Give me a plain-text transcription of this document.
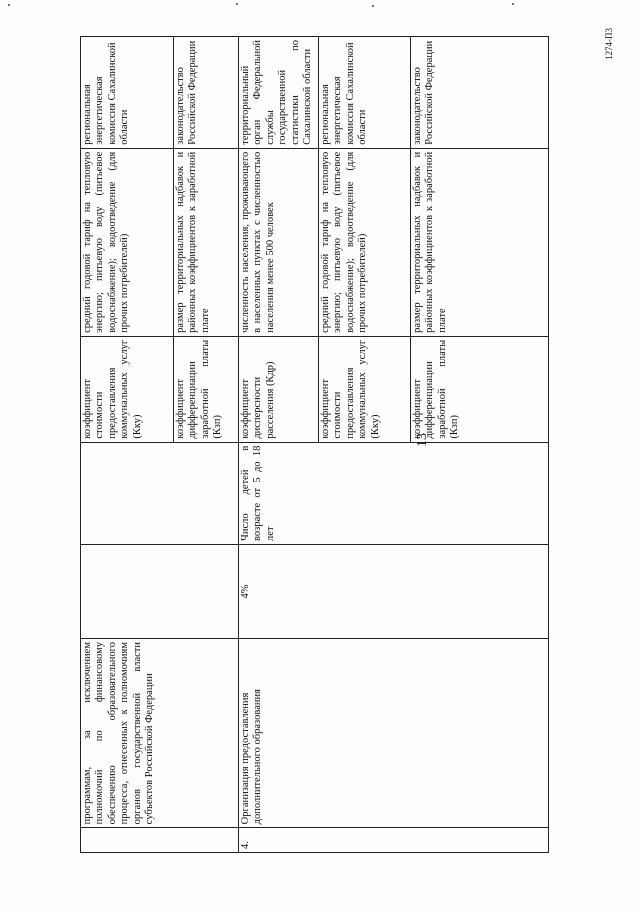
13
1274-П3
	программам, за исключением полномочий по финансовому обеспечению образовательного процесса, отнесенных к полномочиям органов государственной власти субъектов Российской Федерации			коэффициент стоимости предоставления коммунальных услуг (Кку)	средний годовой тариф на тепловую энергию; питьевую воду (питьевое водоснабжение); водоотведение (для прочих потребителей)	региональная энергетическая комиссия Сахалинской области
				коэффициент дифференциации заработной платы (Кзп)	размер территориальных надбавок и районных коэффициентов к заработной плате	законодательство Российской Федерации
4.	Организация предоставления дополнительного образования	4%	Число детей в возрасте от 5 до 18 лет	коэффициент дисперсности расселения (Кдр)	численность населения, проживающего в населенных пунктах с численностью населения менее 500 человек	территориальный орган Федеральной службы государственной статистики по Сахалинской области
				коэффициент стоимости предоставления коммунальных услуг (Кку)	средний годовой тариф на тепловую энергию; питьевую воду (питьевое водоснабжение); водоотведение (для прочих потребителей)	региональная энергетическая комиссия Сахалинской области
				коэффициент дифференциации заработной платы (Кзп)	размер территориальных надбавок и районных коэффициентов к заработной плате	законодательство Российской Федерации
